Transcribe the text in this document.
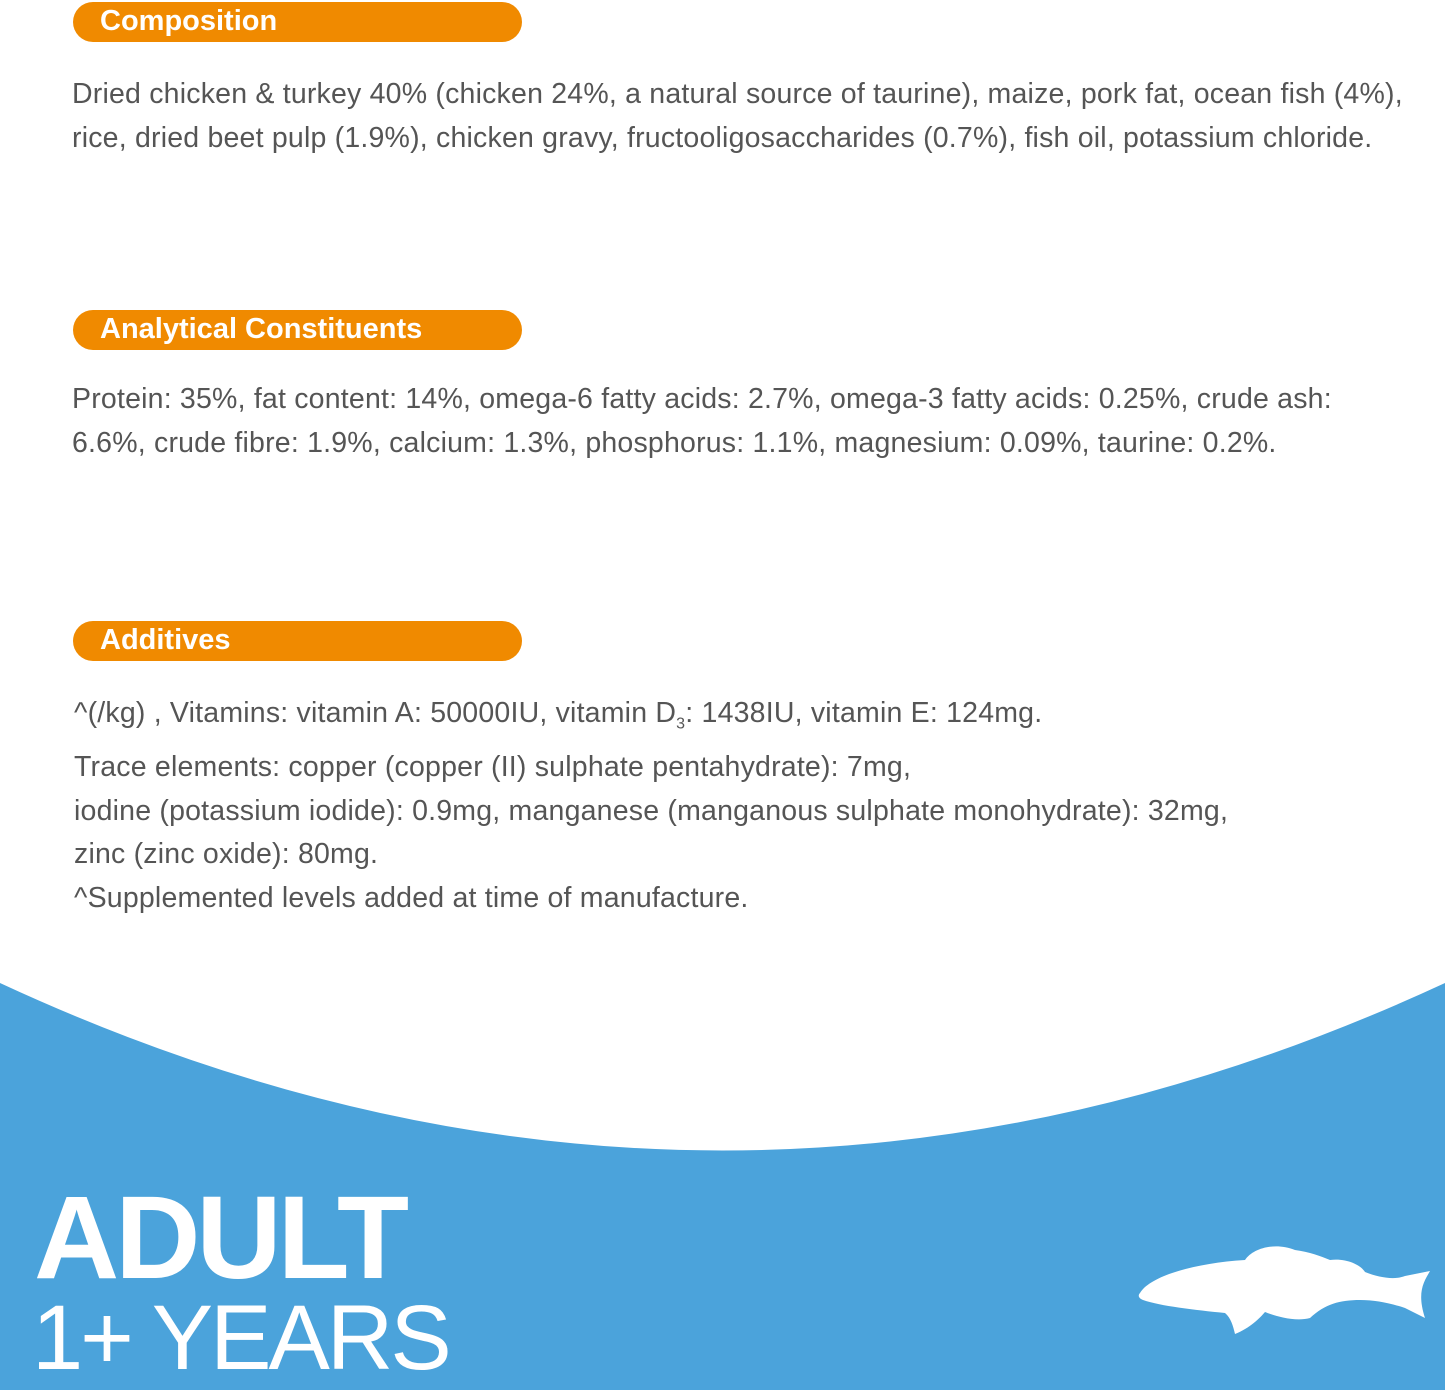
Composition

Dried chicken & turkey 40% (chicken 24%, a natural source of taurine), maize, pork fat, ocean fish (4%), rice, dried beet pulp (1.9%), chicken gravy, fructooligosaccharides (0.7%), fish oil, potassium chloride.

Analytical Constituents

Protein: 35%, fat content: 14%, omega-6 fatty acids: 2.7%, omega-3 fatty acids: 0.25%, crude ash: 6.6%, crude fibre: 1.9%, calcium: 1.3%, phosphorus: 1.1%, magnesium: 0.09%, taurine: 0.2%.

Additives

^(/kg) , Vitamins: vitamin A: 50000IU, vitamin $D_3$: 1438IU, vitamin E: 124mg.

Trace elements: copper (copper (II) sulphate pentahydrate): 7mg,

iodine (potassium iodide): 0.9mg, manganese (manganous sulphate monohydrate): 32mg,

zinc (zinc oxide): 80mg.

^Supplemented levels added at time of manufacture.

ADULT
1+ YEARS
